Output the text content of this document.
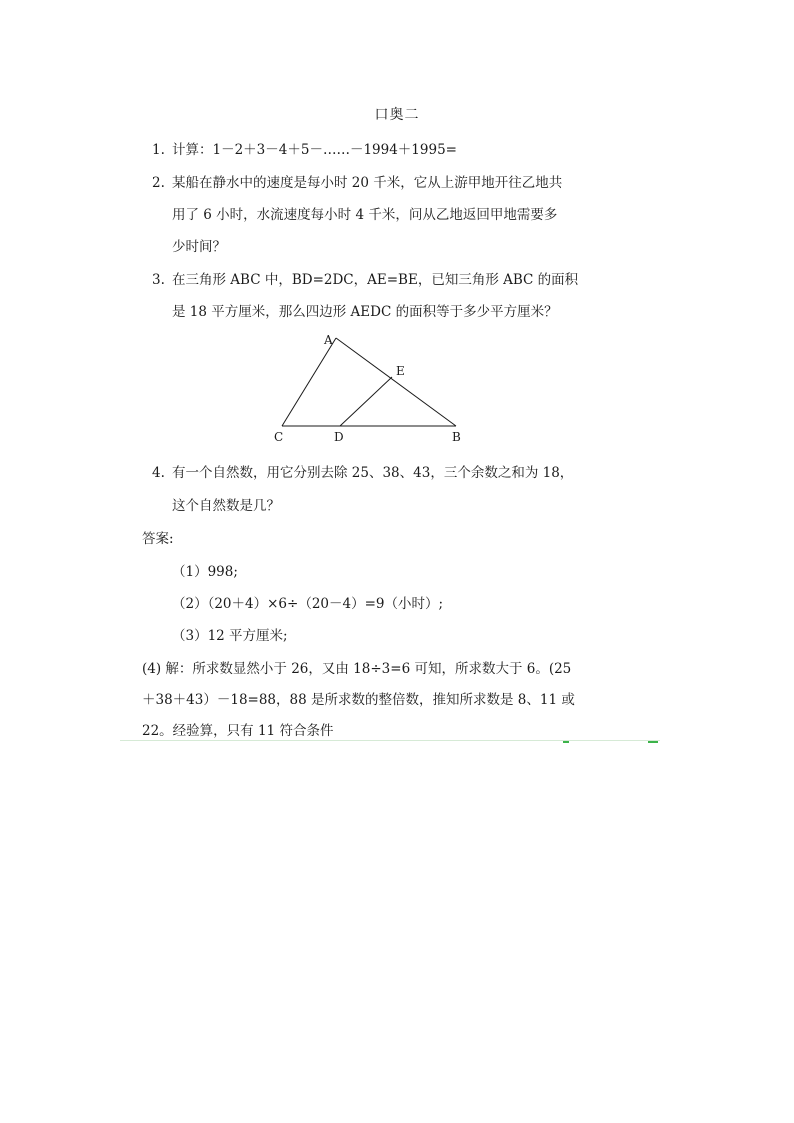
口奥二
1. 计算：1－2＋3－4＋5－……－1994＋1995=
2. 某船在静水中的速度是每小时 20 千米，它从上游甲地开往乙地共
用了 6 小时，水流速度每小时 4 千米，问从乙地返回甲地需要多
少时间？
3. 在三角形 ABC 中，BD=2DC，AE=BE，已知三角形 ABC 的面积
是 18 平方厘米，那么四边形 AEDC 的面积等于多少平方厘米？
A
E
C	D	B
4. 有一个自然数，用它分别去除 25、38、43，三个余数之和为 18，
这个自然数是几？
答案:
（1）998;
（2）（20＋4）×6÷（20－4）=9（小时）;
（3）12 平方厘米;
(4) 解：所求数显然小于 26，又由 18÷3=6 可知，所求数大于 6。(25
＋38＋43）－18=88，88 是所求数的整倍数，推知所求数是 8、11 或
22。经验算，只有 11 符合条件
